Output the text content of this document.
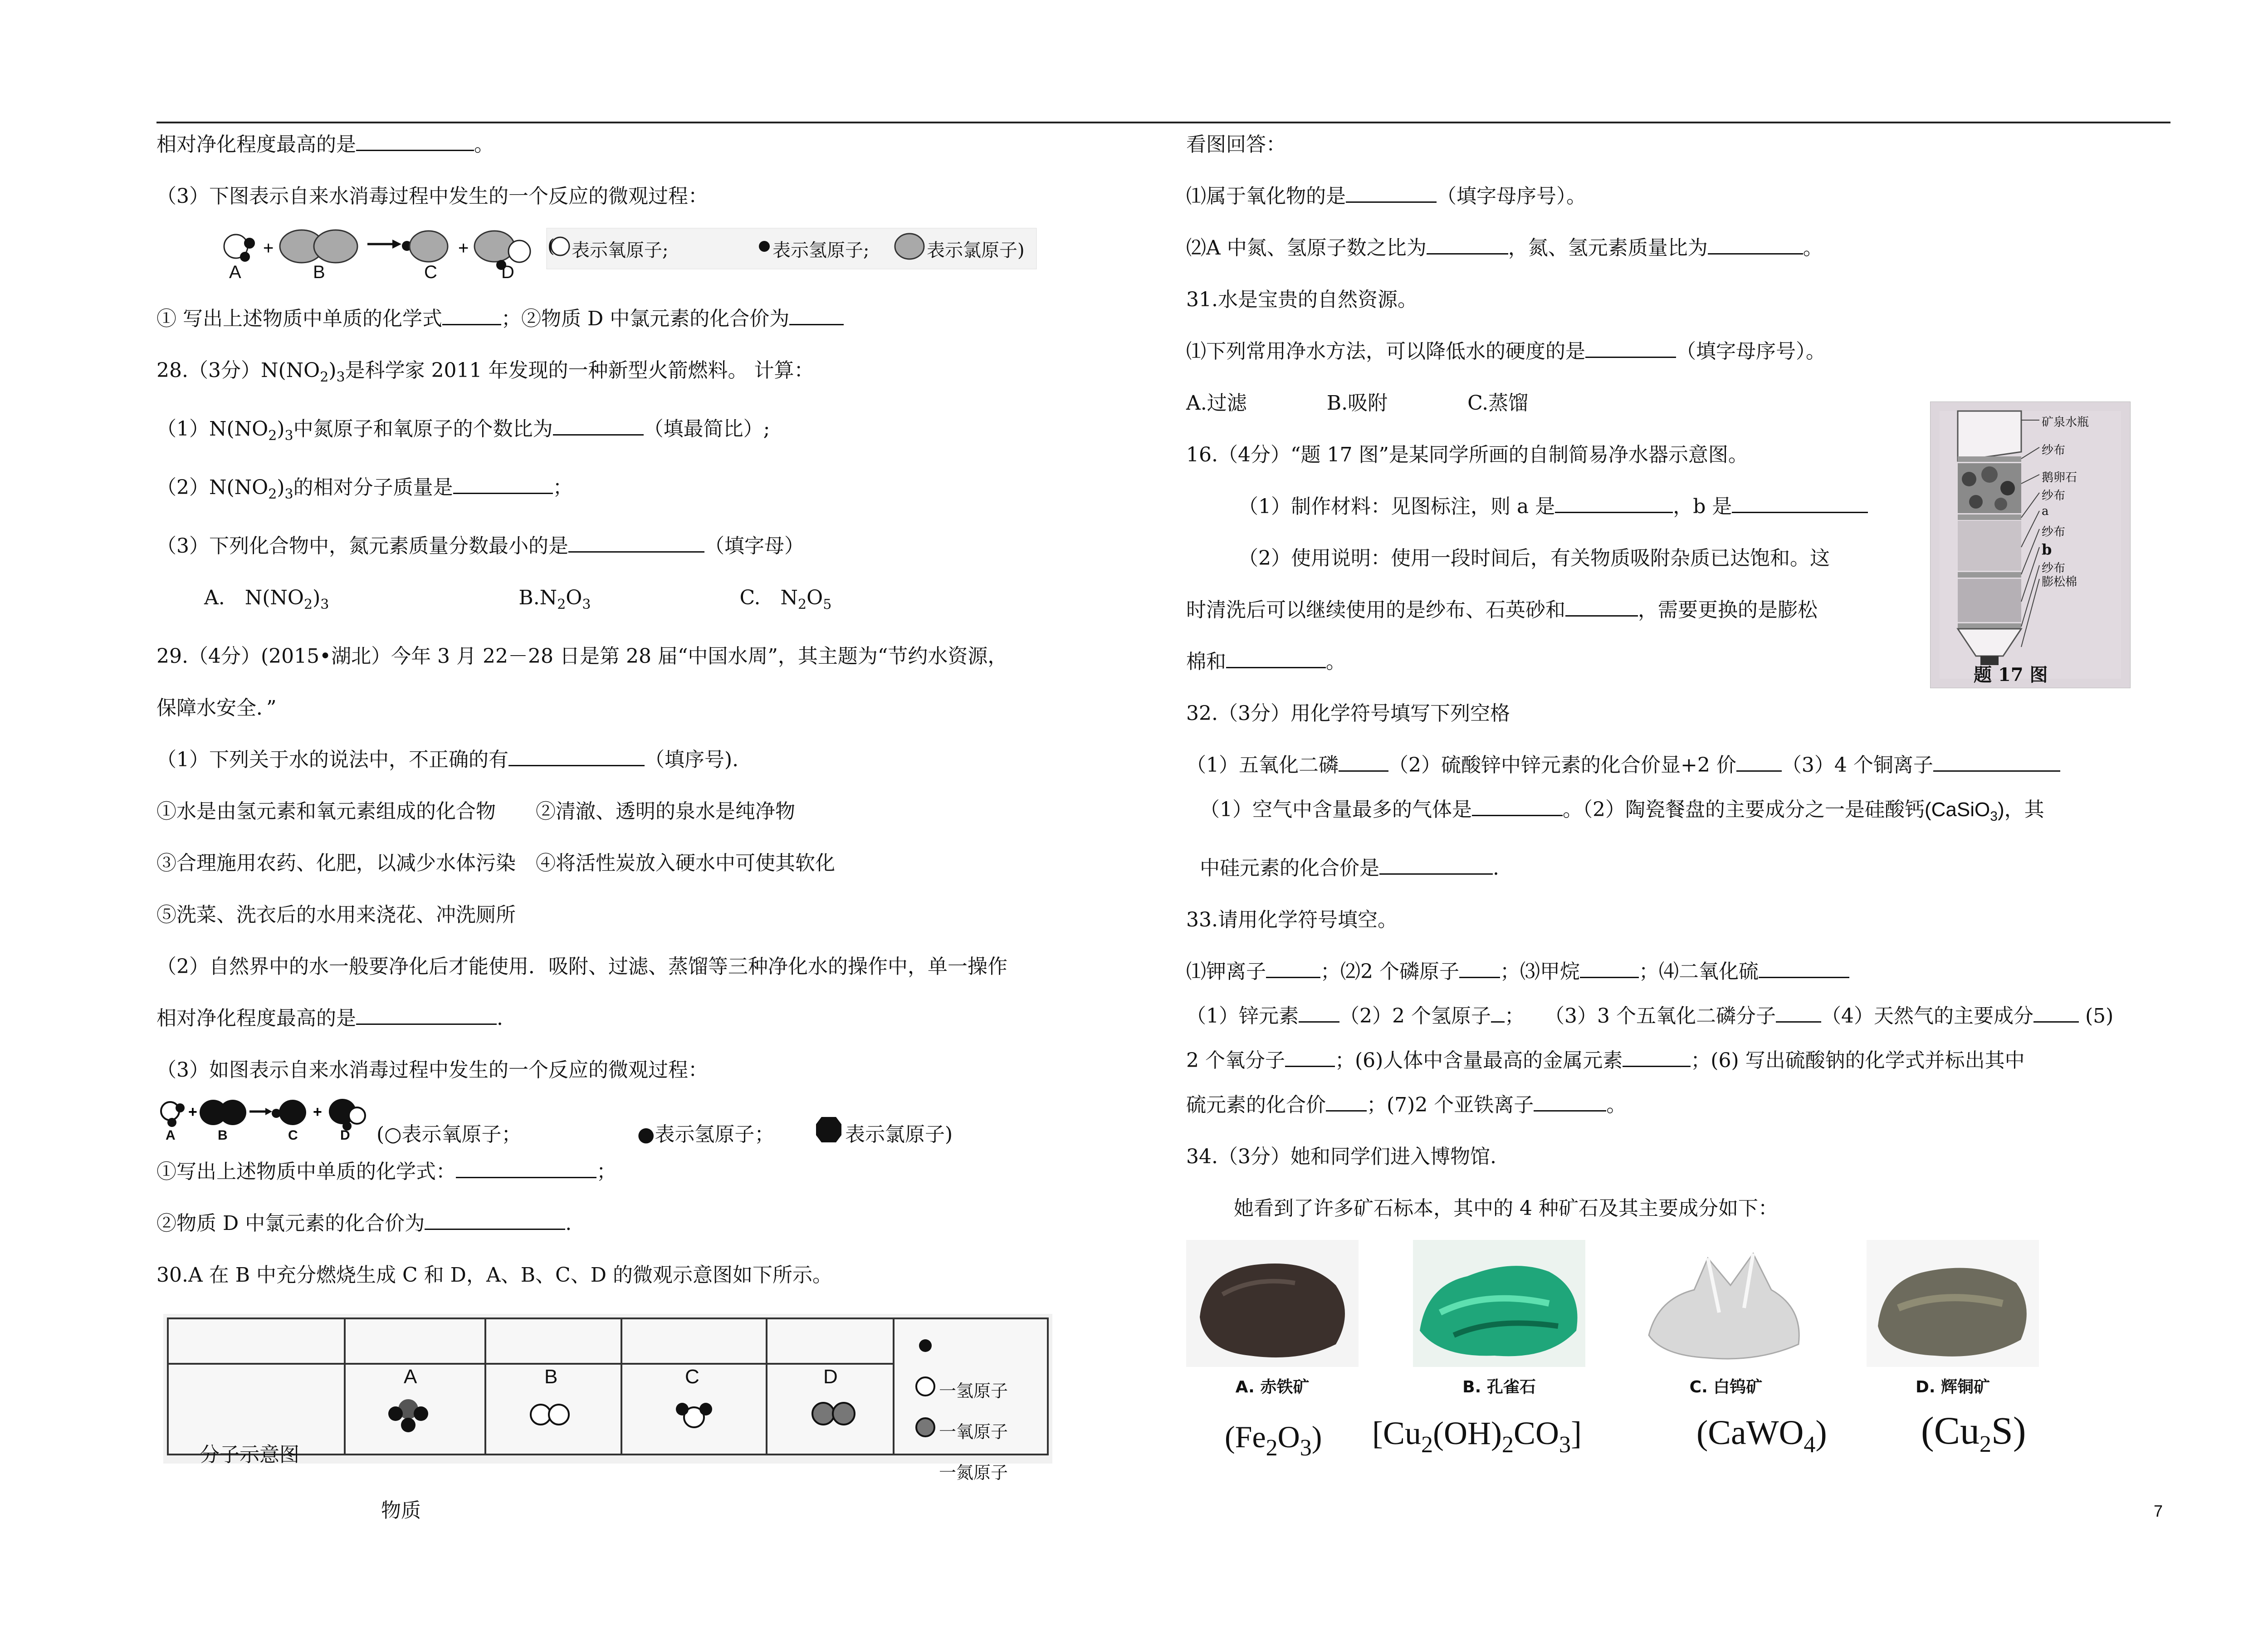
相对净化程度最高的是	。
（3）下图表示自来水消毒过程中发生的一个反应的微观过程：
+	+
A	B	C	D
( 表示氧原子;	表示氢原子;	表示氯原子)
① 写出上述物质中单质的化学式	；②物质 D 中氯元素的化合价为
28.（3分）$N(NO_2)_3$是科学家 2011 年发现的一种新型火箭燃料。 计算：
$(1)N(NO_2)_3$中氮原子和氧原子的个数比为	（填最简比）;
$(2)N(NO_2)_3$的相对分子质量是	；
（3）下列化合物中，氮元素质量分数最小的是	（填字母）
A.　$N(NO_2)_3$	$B.N_2O_3$	C.　$N_2O_5$
29.（4分）(2015•湖北）今年 3 月 22－28 日是第 28 届“中国水周”，其主题为“节约水资源，
保障水安全．”
（1）下列关于水的说法中，不正确的有	（填序号).
①水是由氢元素和氧元素组成的化合物　　②清澈、透明的泉水是纯净物
③合理施用农药、化肥，以减少水体污染　④将活性炭放入硬水中可使其软化
⑤洗菜、洗衣后的水用来浇花、冲洗厕所
（2）自然界中的水一般要净化后才能使用．吸附、过滤、蒸馏等三种净化水的操作中，单一操作
相对净化程度最高的是	.
（3）如图表示自来水消毒过程中发生的一个反应的微观过程：
+	+
A	B	C	D (○表示氧原子；	●表示氢原子；	表示氯原子)
①写出上述物质中单质的化学式：	；
②物质 D 中氯元素的化合价为	.
30.A 在 B 中充分燃烧生成 C 和 D，A、B、C、D 的微观示意图如下所示。
物质
A	B	C	D
分子示意图
一氢原子
一氧原子
一氮原子
看图回答：
⑴属于氧化物的是	（填字母序号）。
⑵A 中氮、氢原子数之比为	，氮、氢元素质量比为	。
31.水是宝贵的自然资源。
⑴下列常用净水方法，可以降低水的硬度的是	（填字母序号）。
A.过滤　　　　B.吸附　　　　C.蒸馏
16.（4分）“题 17 图”是某同学所画的自制简易净水器示意图。
（1）制作材料：见图标注，则 a 是	，b 是
（2）使用说明：使用一段时间后，有关物质吸附杂质已达饱和。这
时清洗后可以继续使用的是纱布、石英砂和	，需要更换的是膨松
棉和	。
32.（3分）用化学符号填写下列空格
（1）五氧化二磷	（2）硫酸锌中锌元素的化合价显+2 价 （3）4 个铜离子
（1）空气中含量最多的气体是	。（2）陶瓷餐盘的主要成分之一是硅酸钙(CaSiO$_3$)，其
中硅元素的化合价是	.
33.请用化学符号填空。
⑴钾离子	；⑵2 个磷原子 ；⑶甲烷	；⑷二氧化硫
（1）锌元素 （2）2 个氢原子 ；　　（3）3 个五氧化二磷分子 （4）天然气的主要成分	(5)
2 个氧分子	；(6)人体中含量最高的金属元素	；(6) 写出硫酸钠的化学式并标出其中
硫元素的化合价 ；(7)2 个亚铁离子	。
34.（3分）她和同学们进入博物馆.
她看到了许多矿石标本，其中的 4 种矿石及其主要成分如下：
A. 赤铁矿	B. 孔雀石	C. 白钨矿	D. 辉铜矿
$(Fe_2O_3)$ $[Cu_2(OH)_2CO_3]$	(CaWO$_4$) $(Cu_2S)$
矿泉水瓶
纱布
鹅卵石
纱布
a
纱布
b
纱布
膨松棉
题 17 图
7
